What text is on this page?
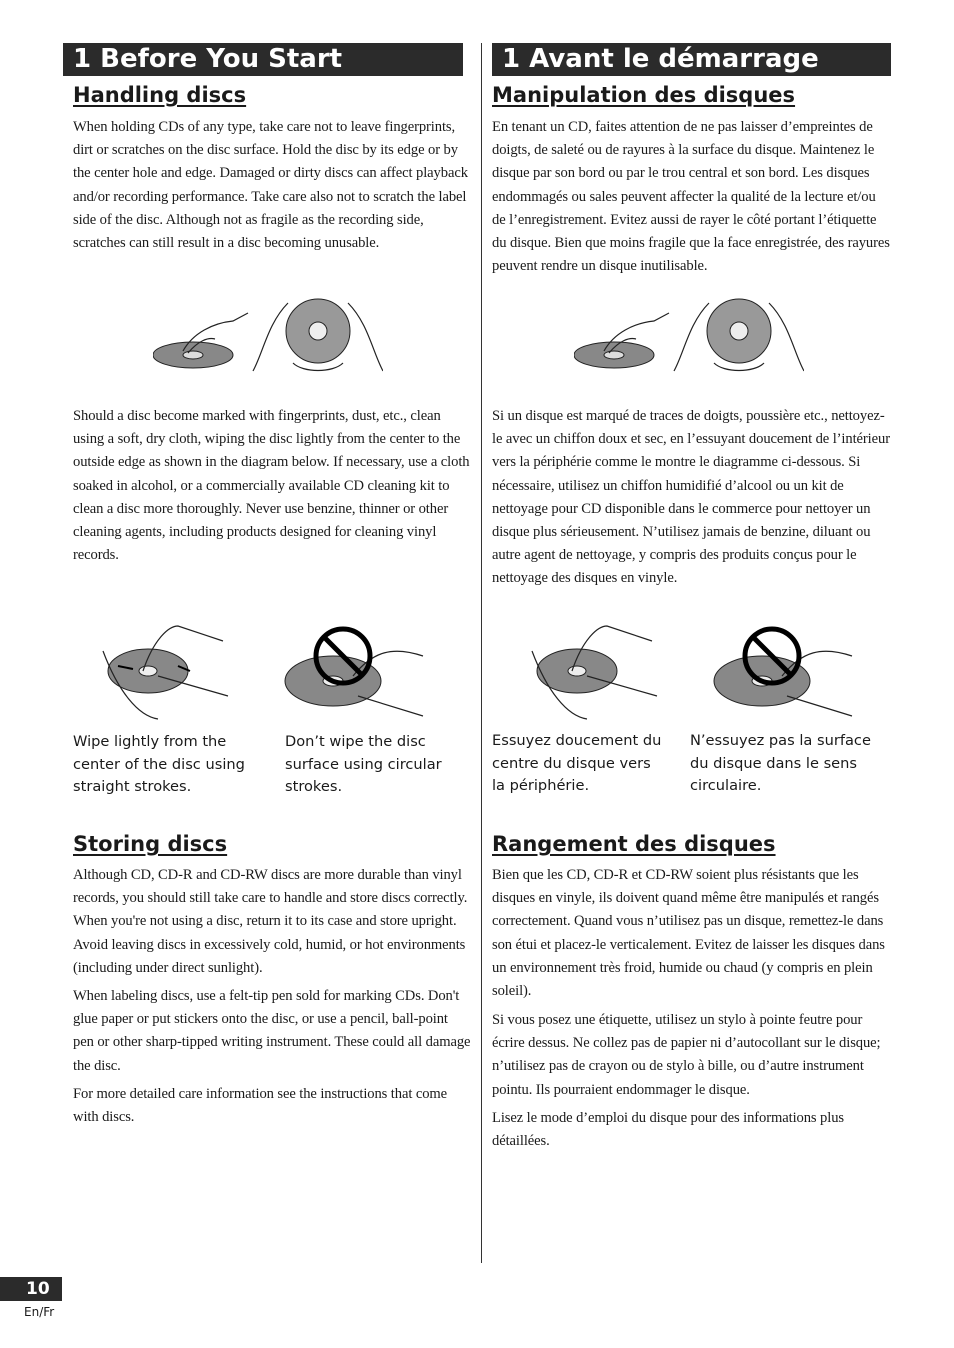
1 Before You Start
Handling discs

When holding CDs of any type, take care not to leave fingerprints, dirt or scratches on the disc surface. Hold the disc by its edge or by the center hole and edge. Damaged or dirty discs can affect playback and/or recording performance. Take care also not to scratch the label side of the disc. Although not as fragile as the recording side, scratches can still result in a disc becoming unusable.

Should a disc become marked with fingerprints, dust, etc., clean using a soft, dry cloth, wiping the disc lightly from the center to the outside edge as shown in the diagram below. If necessary, use a cloth soaked in alcohol, or a commercially available CD cleaning kit to clean a disc more thoroughly. Never use benzine, thinner or other cleaning agents, including products designed for cleaning vinyl records.

Wipe lightly from the center of the disc using straight strokes.

Don’t wipe the disc surface using circular strokes.

Storing discs

Although CD, CD-R and CD-RW discs are more durable than vinyl records, you should still take care to handle and store discs correctly. When you're not using a disc, return it to its case and store upright. Avoid leaving discs in excessively cold, humid, or hot environments (including under direct sunlight).

When labeling discs, use a felt-tip pen sold for marking CDs. Don't glue paper or put stickers onto the disc, or use a pencil, ball-point pen or other sharp-tipped writing instrument. These could all damage the disc.

For more detailed care information see the instructions that come with discs.

1 Avant le démarrage
Manipulation des disques

En tenant un CD, faites attention de ne pas laisser d’empreintes de doigts, de saleté ou de rayures à la surface du disque. Maintenez le disque par son bord ou par le trou central et son bord. Les disques endommagés ou sales peuvent affecter la qualité de la lecture et/ou de l’enregistrement. Evitez aussi de rayer le côté portant l’étiquette du disque. Bien que moins fragile que la face enregistrée, des rayures peuvent rendre un disque inutilisable.

Si un disque est marqué de traces de doigts, poussière etc., nettoyez-le avec un chiffon doux et sec, en l’essuyant doucement de l’intérieur vers la périphérie comme le montre le diagramme ci-dessous. Si nécessaire, utilisez un chiffon humidifié d’alcool ou un kit de nettoyage pour CD disponible dans le commerce pour nettoyer un disque plus sérieusement. N’utilisez jamais de benzine, diluant ou autre agent de nettoyage, y compris des produits conçus pour le nettoyage des disques en vinyle.

Essuyez doucement du centre du disque vers la périphérie.

N’essuyez pas la surface du disque dans le sens circulaire.

Rangement des disques

Bien que les CD, CD-R et CD-RW soient plus résistants que les disques en vinyle, ils doivent quand même être manipulés et rangés correctement. Quand vous n’utilisez pas un disque, remettez-le dans son étui et placez-le verticalement. Evitez de laisser les disques dans un environnement très froid, humide ou chaud (y compris en plein soleil).

Si vous posez une étiquette, utilisez un stylo à pointe feutre pour écrire dessus. Ne collez pas de papier ni d’autocollant sur le disque; n’utilisez pas de crayon ou de stylo à bille, ou d’autre instrument pointu. Ils pourraient endommager le disque.

Lisez le mode d’emploi du disque pour des informations plus détaillées.

10
En/Fr
